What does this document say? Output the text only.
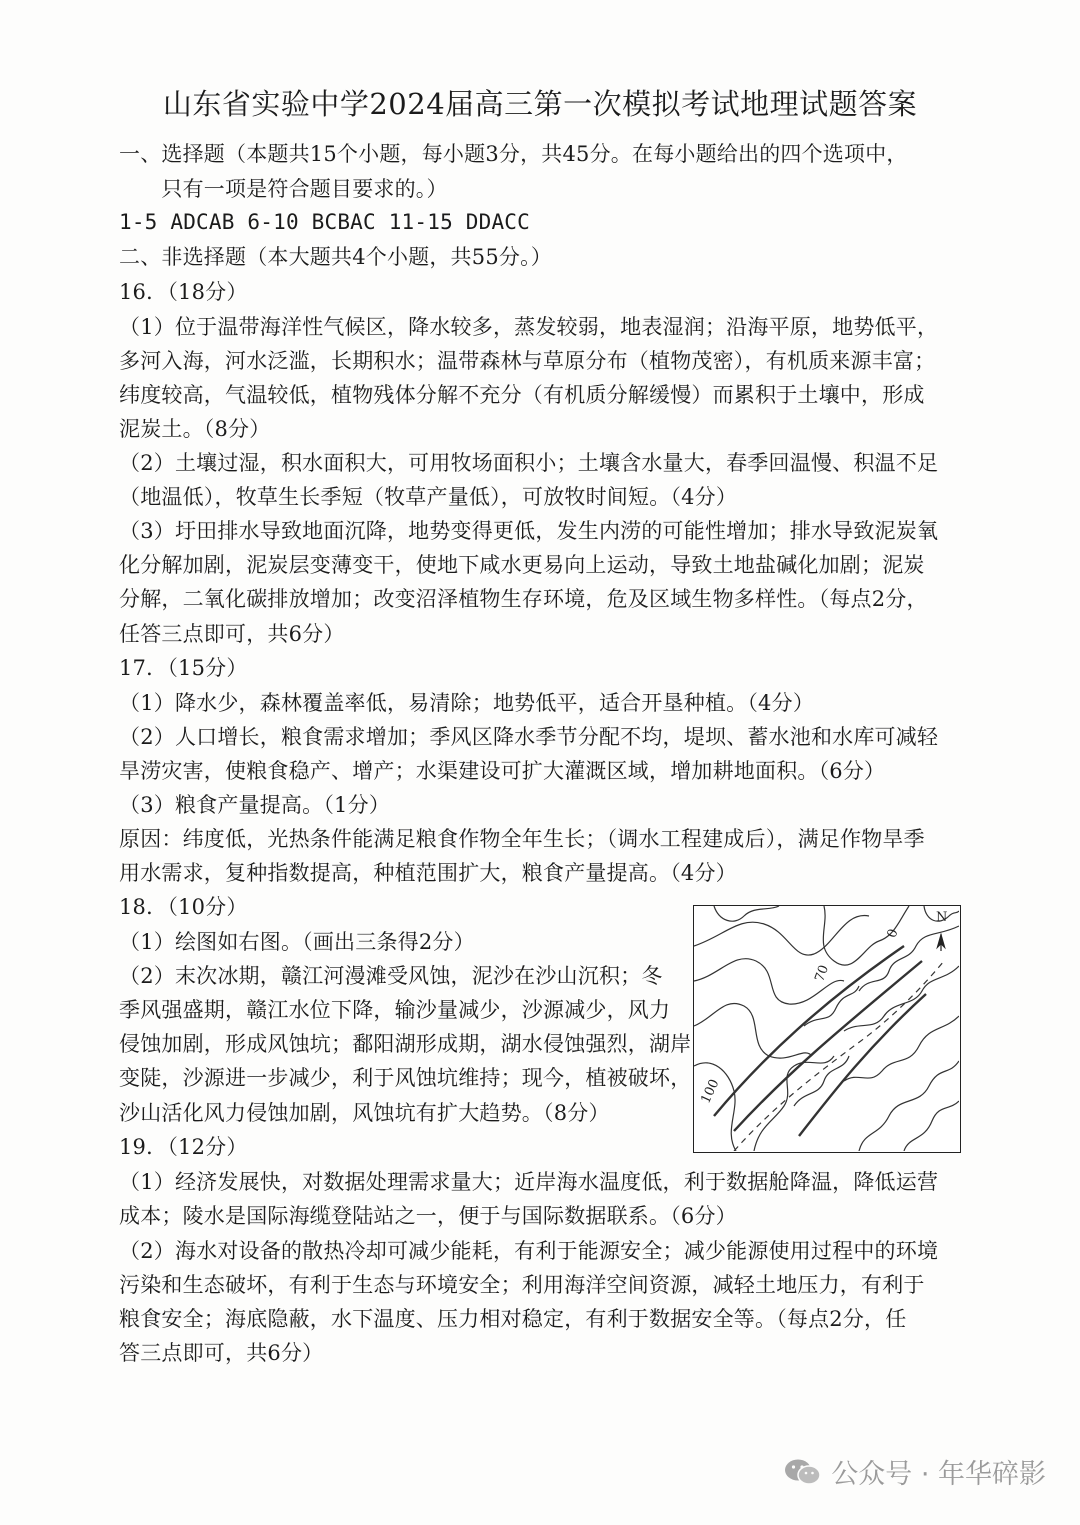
山东省实验中学2024届高三第一次模拟考试地理试题答案
一、选择题（本题共15个小题，每小题3分，共45分。在每小题给出的四个选项中，
　　只有一项是符合题目要求的。）
1-5 ADCAB 6-10 BCBAC 11-15 DDACC
二、非选择题（本大题共4个小题，共55分。）
16．（18分）
（1）位于温带海洋性气候区，降水较多，蒸发较弱，地表湿润；沿海平原，地势低平，
多河入海，河水泛滥，长期积水；温带森林与草原分布（植物茂密），有机质来源丰富；
纬度较高，气温较低，植物残体分解不充分（有机质分解缓慢）而累积于土壤中，形成
泥炭土。（8分）
（2）土壤过湿，积水面积大，可用牧场面积小；土壤含水量大，春季回温慢、积温不足
（地温低），牧草生长季短（牧草产量低），可放牧时间短。（4分）
（3）圩田排水导致地面沉降，地势变得更低，发生内涝的可能性增加；排水导致泥炭氧
化分解加剧，泥炭层变薄变干，使地下咸水更易向上运动，导致土地盐碱化加剧；泥炭
分解，二氧化碳排放增加；改变沼泽植物生存环境，危及区域生物多样性。（每点2分，
任答三点即可，共6分）
17．（15分）
（1）降水少，森林覆盖率低，易清除；地势低平，适合开垦种植。（4分）
（2）人口增长，粮食需求增加；季风区降水季节分配不均，堤坝、蓄水池和水库可减轻
旱涝灾害，使粮食稳产、增产；水渠建设可扩大灌溉区域，增加耕地面积。（6分）
（3）粮食产量提高。（1分）
原因：纬度低，光热条件能满足粮食作物全年生长；（调水工程建成后），满足作物旱季
用水需求，复种指数提高，种植范围扩大，粮食产量提高。（4分）
18．（10分）
（1）绘图如右图。（画出三条得2分）
（2）末次冰期，赣江河漫滩受风蚀，泥沙在沙山沉积；冬
季风强盛期，赣江水位下降，输沙量减少，沙源减少，风力
侵蚀加剧，形成风蚀坑；鄱阳湖形成期，湖水侵蚀强烈，湖岸
变陡，沙源进一步减少，利于风蚀坑维持；现今，植被破坏，
沙山活化风力侵蚀加剧，风蚀坑有扩大趋势。（8分）
19．（12分）
（1）经济发展快，对数据处理需求量大；近岸海水温度低，利于数据舱降温，降低运营
成本；陵水是国际海缆登陆站之一，便于与国际数据联系。（6分）
（2）海水对设备的散热冷却可减少能耗，有利于能源安全；减少能源使用过程中的环境
污染和生态破坏，有利于生态与环境安全；利用海洋空间资源，减轻土地压力，有利于
粮食安全；海底隐蔽，水下温度、压力相对稳定，有利于数据安全等。（每点2分，任
答三点即可，共6分）
N
0
70
100
公众号 · 年华碎影
